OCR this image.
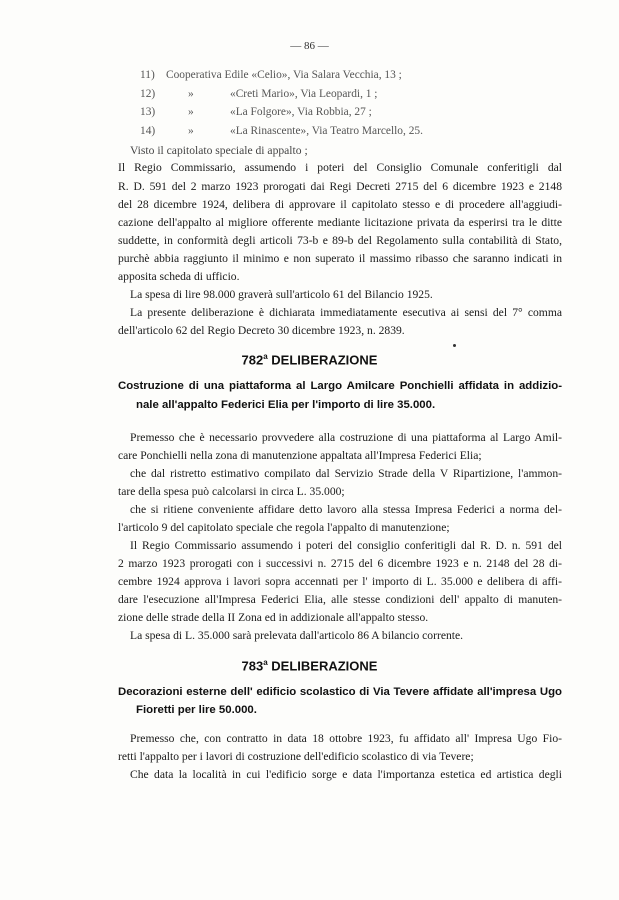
— 86 —
11) Cooperativa Edile «Celio», Via Salara Vecchia, 13 ;
12)	»	«Creti Mario», Via Leopardi, 1 ;
13)	»	«La Folgore», Via Robbia, 27 ;
14)	»	«La Rinascente», Via Teatro Marcello, 25.
Visto il capitolato speciale di appalto ;
Il Regio Commissario, assumendo i poteri del Consiglio Comunale conferitigli dal
R. D. 591 del 2 marzo 1923 prorogati dai Regi Decreti 2715 del 6 dicembre 1923 e 2148
del 28 dicembre 1924, delibera di approvare il capitolato stesso e di procedere all'aggiudi-
cazione dell'appalto al migliore offerente mediante licitazione privata da esperirsi tra le ditte
suddette, in conformità degli articoli 73-b e 89-b del Regolamento sulla contabilità di Stato,
purchè abbia raggiunto il minimo e non superato il massimo ribasso che saranno indicati in
apposita scheda di ufficio.
La spesa di lire 98.000 graverà sull'articolo 61 del Bilancio 1925.
La presente deliberazione è dichiarata immediatamente esecutiva ai sensi del 7° comma
dell'articolo 62 del Regio Decreto 30 dicembre 1923, n. 2839.
782$^a$ DELIBERAZIONE
Costruzione di una piattaforma al Largo Amilcare Ponchielli affidata in addizio-
nale all'appalto Federici Elia per l'importo di lire 35.000.
Premesso che è necessario provvedere alla costruzione di una piattaforma al Largo Amil-
care Ponchielli nella zona di manutenzione appaltata all'Impresa Federici Elia;
che dal ristretto estimativo compilato dal Servizio Strade della V Ripartizione, l'ammon-
tare della spesa può calcolarsi in circa L. 35.000;
che si ritiene conveniente affidare detto lavoro alla stessa Impresa Federici a norma del-
l'articolo 9 del capitolato speciale che regola l'appalto di manutenzione;
Il Regio Commissario assumendo i poteri del consiglio conferitigli dal R. D. n. 591 del
2 marzo 1923 prorogati con i successivi n. 2715 del 6 dicembre 1923 e n. 2148 del 28 di-
cembre 1924 approva i lavori sopra accennati per l' importo di L. 35.000 e delibera di affi-
dare l'esecuzione all'Impresa Federici Elia, alle stesse condizioni dell' appalto di manuten-
zione delle strade della II Zona ed in addizionale all'appalto stesso.
La spesa di L. 35.000 sarà prelevata dall'articolo 86 A bilancio corrente.
783$^a$ DELIBERAZIONE
Decorazioni esterne dell' edificio scolastico di Via Tevere affidate all'impresa Ugo
Fioretti per lire 50.000.
Premesso che, con contratto in data 18 ottobre 1923, fu affidato all' Impresa Ugo Fio-
retti l'appalto per i lavori di costruzione dell'edificio scolastico di via Tevere;
Che data la località in cui l'edificio sorge e data l'importanza estetica ed artistica degli
